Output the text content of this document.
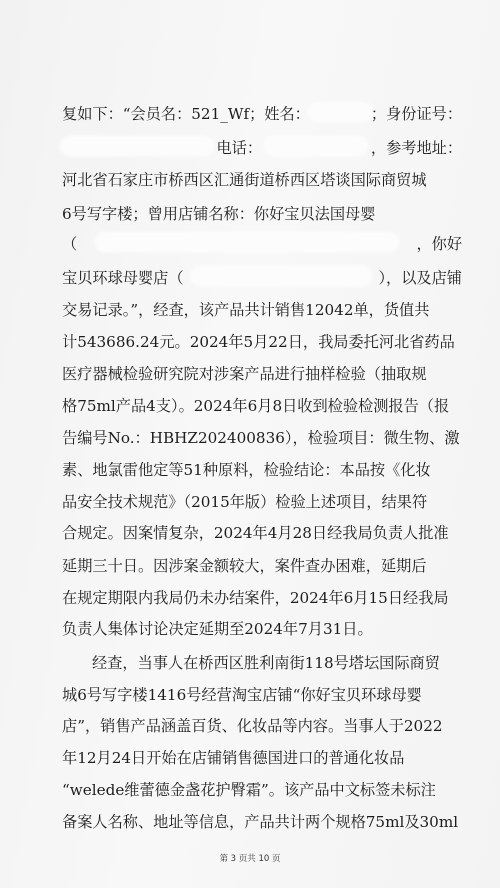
复如下：“会员名：521_Wf；姓名：	；身份证号：
电话：	，参考地址：
河北省石家庄市桥西区汇通街道桥西区塔谈国际商贸城
6号写字楼；曾用店铺名称：你好宝贝法国母婴
（	，你好
宝贝环球母婴店（	），以及店铺
交易记录。”，经查，该产品共计销售12042单，货值共
计543686.24元。2024年5月22日，我局委托河北省药品
医疗器械检验研究院对涉案产品进行抽样检验（抽取规
格75ml产品4支）。2024年6月8日收到检验检测报告（报
告编号No.：HBHZ202400836），检验项目：微生物、激
素、地氯雷他定等51种原料，检验结论：本品按《化妆
品安全技术规范》（2015年版）检验上述项目，结果符
合规定。因案情复杂，2024年4月28日经我局负责人批准
延期三十日。因涉案金额较大，案件查办困难，延期后
在规定期限内我局仍未办结案件，2024年6月15日经我局
负责人集体讨论决定延期至2024年7月31日。
经查，当事人在桥西区胜利南街118号塔坛国际商贸
城6号写字楼1416号经营淘宝店铺“你好宝贝环球母婴
店”，销售产品涵盖百货、化妆品等内容。当事人于2022
年12月24日开始在店铺销售德国进口的普通化妆品
“welede维蕾德金盏花护臀霜”。该产品中文标签未标注
备案人名称、地址等信息，产品共计两个规格75ml及30ml
第 3 页共 10 页
